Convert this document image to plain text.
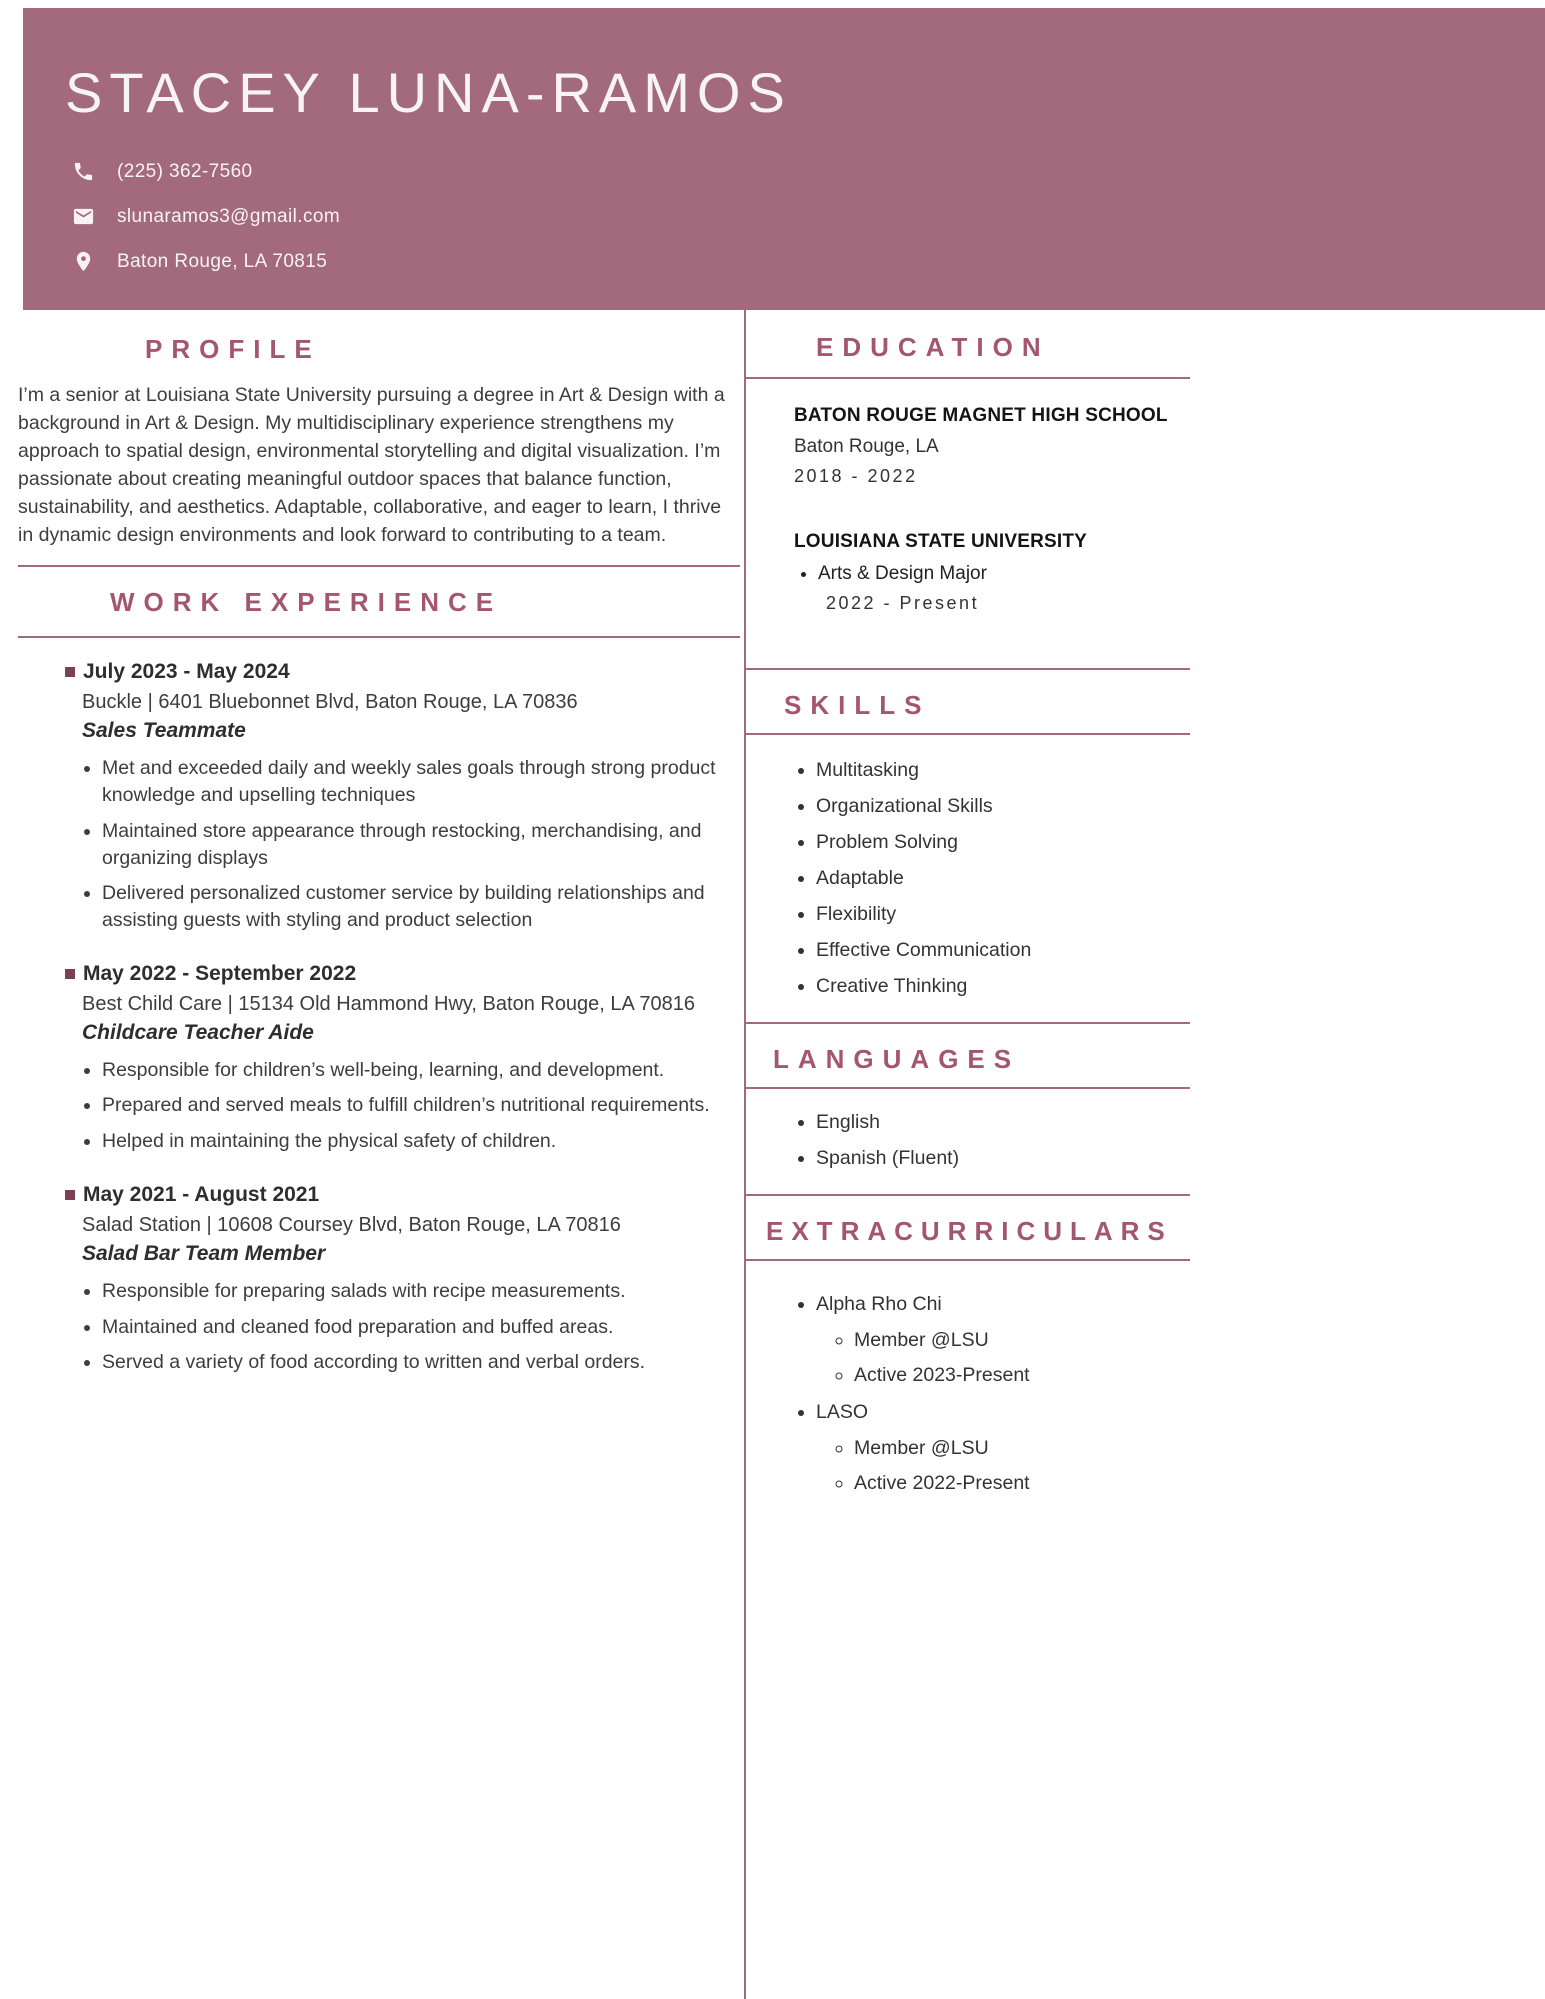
STACEY LUNA-RAMOS
(225) 362-7560
slunaramos3@gmail.com
Baton Rouge, LA 70815
PROFILE

I’m a senior at Louisiana State University pursuing a degree in Art & Design with a background in Art & Design. My multidisciplinary experience strengthens my approach to spatial design, environmental storytelling and digital visualization. I’m passionate about creating meaningful outdoor spaces that balance function, sustainability, and aesthetics. Adaptable, collaborative, and eager to learn, I thrive in dynamic design environments and look forward to contributing to a team.

WORK EXPERIENCE
July 2023 - May 2024
Buckle | 6401 Bluebonnet Blvd, Baton Rouge, LA 70836
Sales Teammate
• Met and exceeded daily and weekly sales goals through strong product knowledge and upselling techniques
• Maintained store appearance through restocking, merchandising, and organizing displays
• Delivered personalized customer service by building relationships and assisting guests with styling and product selection
May 2022 - September 2022
Best Child Care | 15134 Old Hammond Hwy, Baton Rouge, LA 70816
Childcare Teacher Aide
• Responsible for children’s well-being, learning, and development.
• Prepared and served meals to fulfill children’s nutritional requirements.
• Helped in maintaining the physical safety of children.
May 2021 - August 2021
Salad Station | 10608 Coursey Blvd, Baton Rouge, LA 70816
Salad Bar Team Member
• Responsible for preparing salads with recipe measurements.
• Maintained and cleaned food preparation and buffed areas.
• Served a variety of food according to written and verbal orders.
EDUCATION
BATON ROUGE MAGNET HIGH SCHOOL
Baton Rouge, LA
2018 - 2022
LOUISIANA STATE UNIVERSITY
• Arts & Design Major
2022 - Present
SKILLS
• Multitasking
• Organizational Skills
• Problem Solving
• Adaptable
• Flexibility
• Effective Communication
• Creative Thinking
LANGUAGES
• English
• Spanish (Fluent)
EXTRACURRICULARS
• Alpha Rho Chi
◦ Member @LSU
◦ Active 2023-Present
• LASO
◦ Member @LSU
◦ Active 2022-Present
